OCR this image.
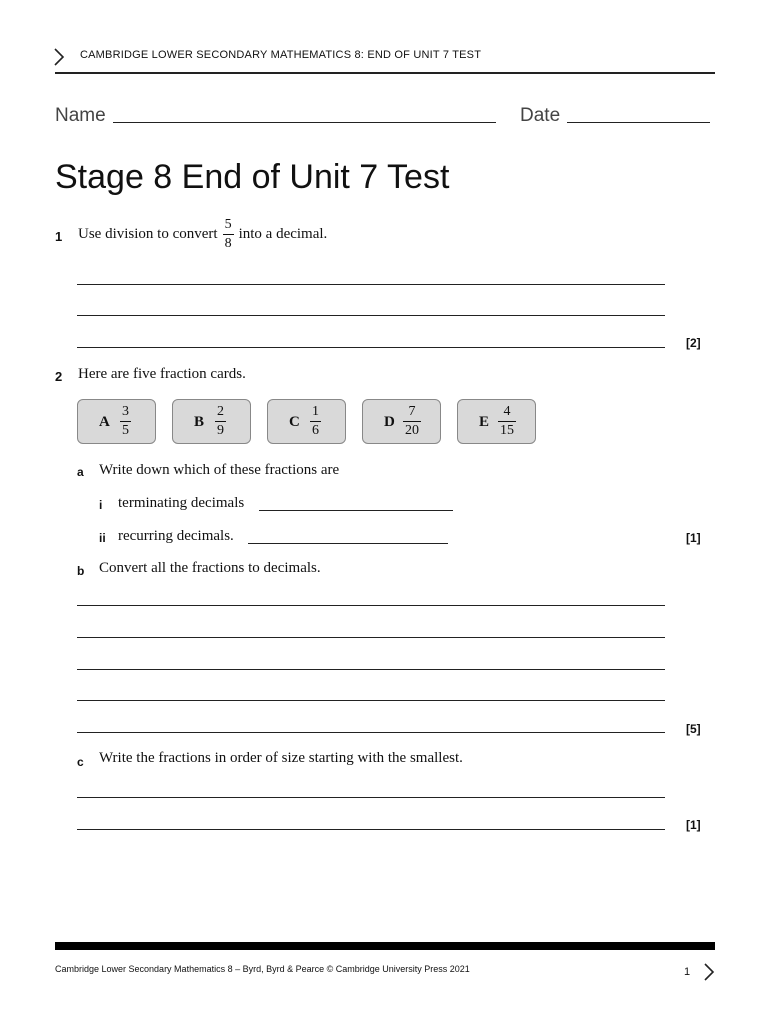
CAMBRIDGE LOWER SECONDARY MATHEMATICS 8: END OF UNIT 7 TEST
Name	Date
Stage 8 End of Unit 7 Test
1 Use division to convert $\frac{5}{8}$ into a decimal.
[2]
2 Here are five fraction cards.
A $\frac{3}{5}$	B $\frac{2}{9}$	C $\frac{1}{6}$	D $\frac{7}{20}$	E $\frac{4}{15}$
a Write down which of these fractions are
i terminating decimals
ii recurring decimals.	[1]
b Convert all the fractions to decimals.
[5]
c Write the fractions in order of size starting with the smallest.
[1]
Cambridge Lower Secondary Mathematics 8 – Byrd, Byrd & Pearce © Cambridge University Press 2021	1
